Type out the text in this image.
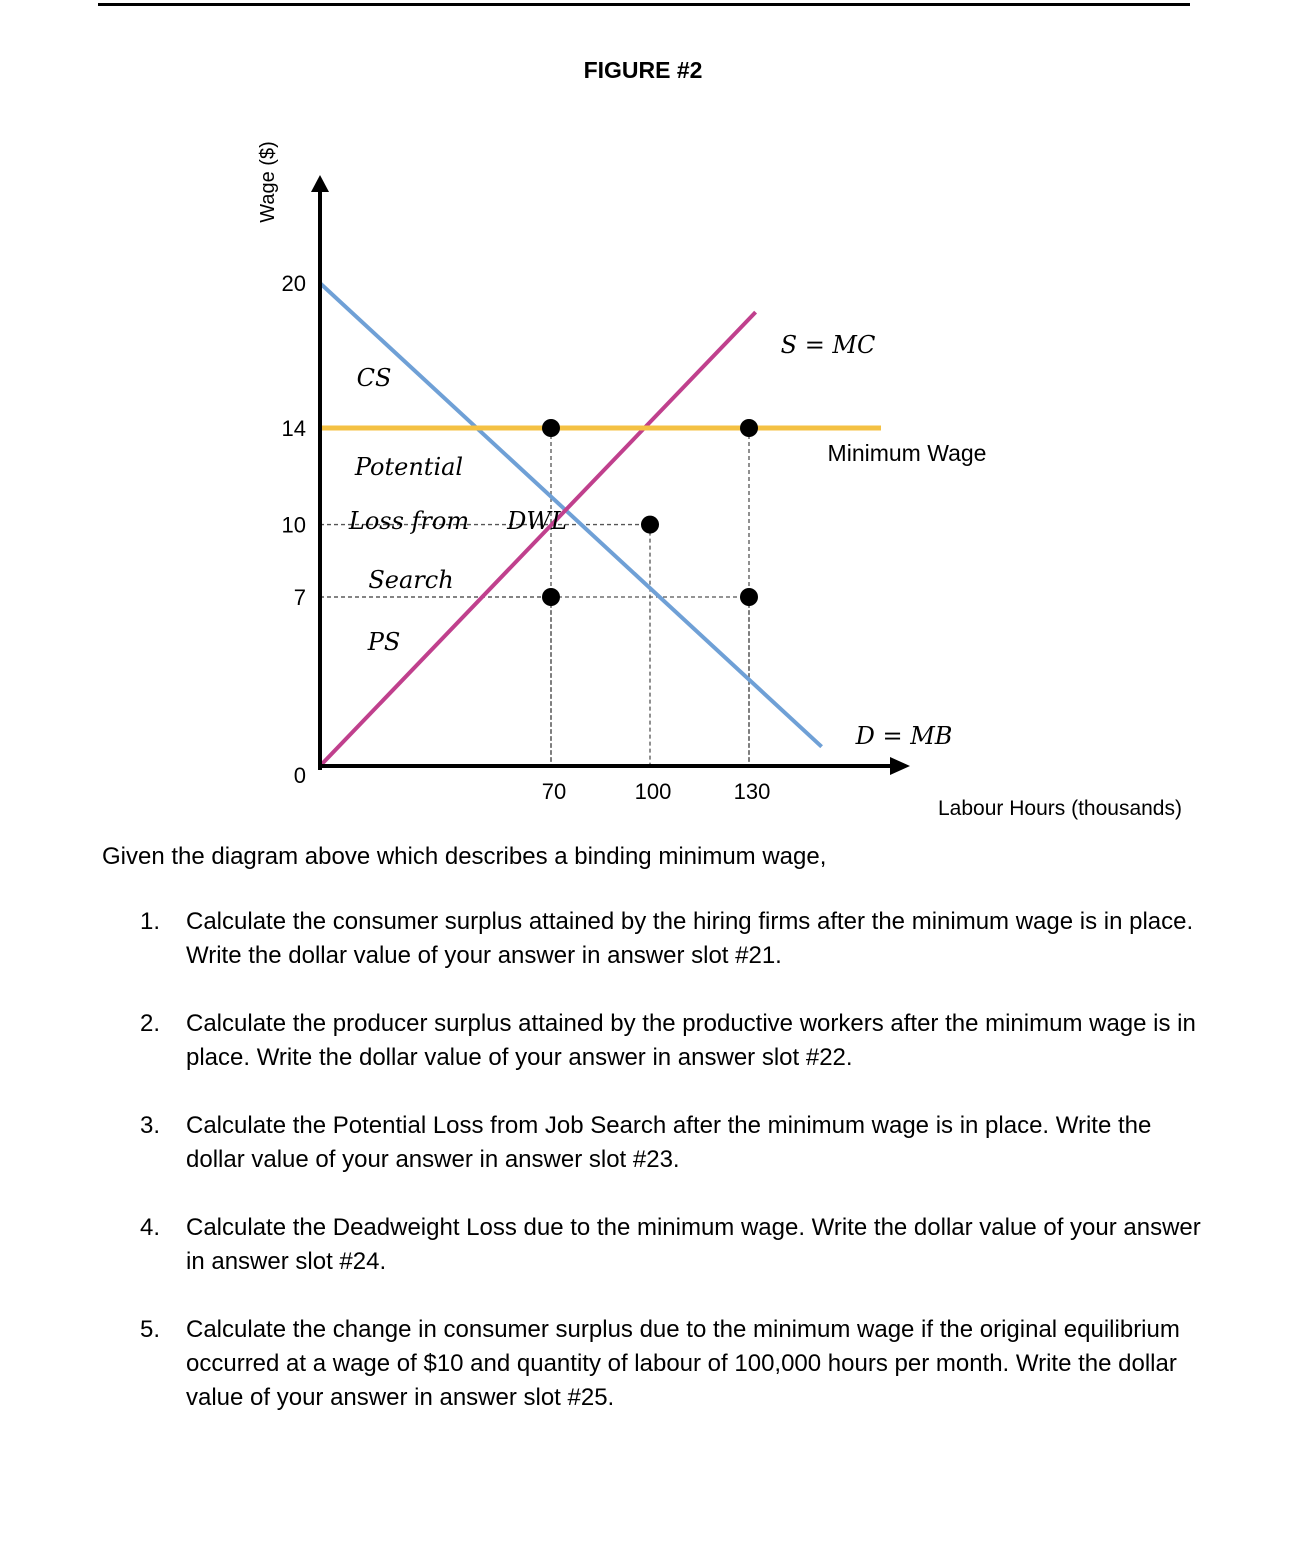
FIGURE #2
70	100	130
20
14
10
7
0
Wage ($)
Labour Hours (thousands)
S = MC
Minimum Wage
D = MB
CS
Potential
Loss from
Search
PS
DWL
Given the diagram above which describes a binding minimum wage,
1. Calculate the consumer surplus attained by the hiring firms after the minimum wage is in place. Write the dollar value of your answer in answer slot #21.
2. Calculate the producer surplus attained by the productive workers after the minimum wage is in place. Write the dollar value of your answer in answer slot #22.
3. Calculate the Potential Loss from Job Search after the minimum wage is in place. Write the dollar value of your answer in answer slot #23.
4. Calculate the Deadweight Loss due to the minimum wage. Write the dollar value of your answer in answer slot #24.
5. Calculate the change in consumer surplus due to the minimum wage if the original equilibrium occurred at a wage of $10 and quantity of labour of 100,000 hours per month. Write the dollar value of your answer in answer slot #25.
